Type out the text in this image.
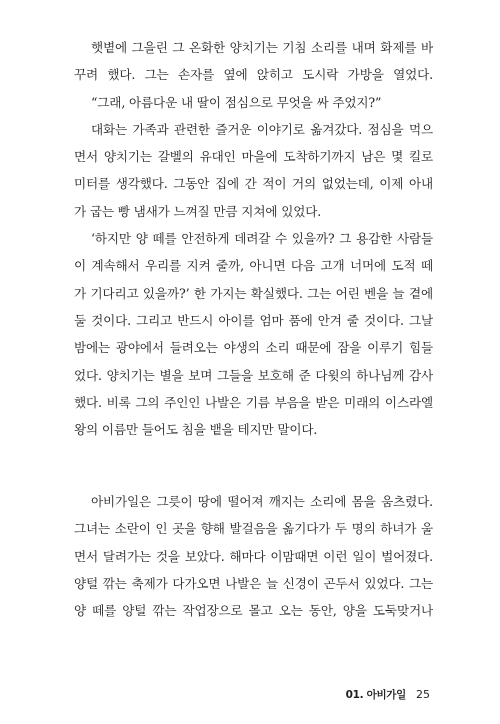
햇볕에 그을린 그 온화한 양치기는 기침 소리를 내며 화제를 바
꾸려 했다. 그는 손자를 옆에 앉히고 도시락 가방을 열었다.
“그래, 아름다운 내 딸이 점심으로 무엇을 싸 주었지?”
대화는 가족과 관련한 즐거운 이야기로 옮겨갔다. 점심을 먹으
면서 양치기는 갈벨의 유대인 마을에 도착하기까지 남은 몇 킬로
미터를 생각했다. 그동안 집에 간 적이 거의 없었는데, 이제 아내
가 굽는 빵 냄새가 느껴질 만큼 지쳐에 있었다.
‘하지만 양 떼를 안전하게 데려갈 수 있을까? 그 용감한 사람들
이 계속해서 우리를 지켜 줄까, 아니면 다음 고개 너머에 도적 떼
가 기다리고 있을까?’ 한 가지는 확실했다. 그는 어린 벤을 늘 곁에
둘 것이다. 그리고 반드시 아이를 엄마 품에 안겨 줄 것이다. 그날
밤에는 광야에서 들려오는 야생의 소리 때문에 잠을 이루기 힘들
었다. 양치기는 별을 보며 그들을 보호해 준 다윗의 하나님께 감사
했다. 비록 그의 주인인 나발은 기름 부음을 받은 미래의 이스라엘
왕의 이름만 들어도 침을 뱉을 테지만 말이다.
아비가일은 그릇이 땅에 떨어져 깨지는 소리에 몸을 움츠렸다.
그녀는 소란이 인 곳을 향해 발걸음을 옮기다가 두 명의 하녀가 울
면서 달려가는 것을 보았다. 해마다 이맘때면 이런 일이 벌어졌다.
양털 깎는 축제가 다가오면 나발은 늘 신경이 곤두서 있었다. 그는
양 떼를 양털 깎는 작업장으로 몰고 오는 동안, 양을 도둑맞거나
01. 아비가일 25
